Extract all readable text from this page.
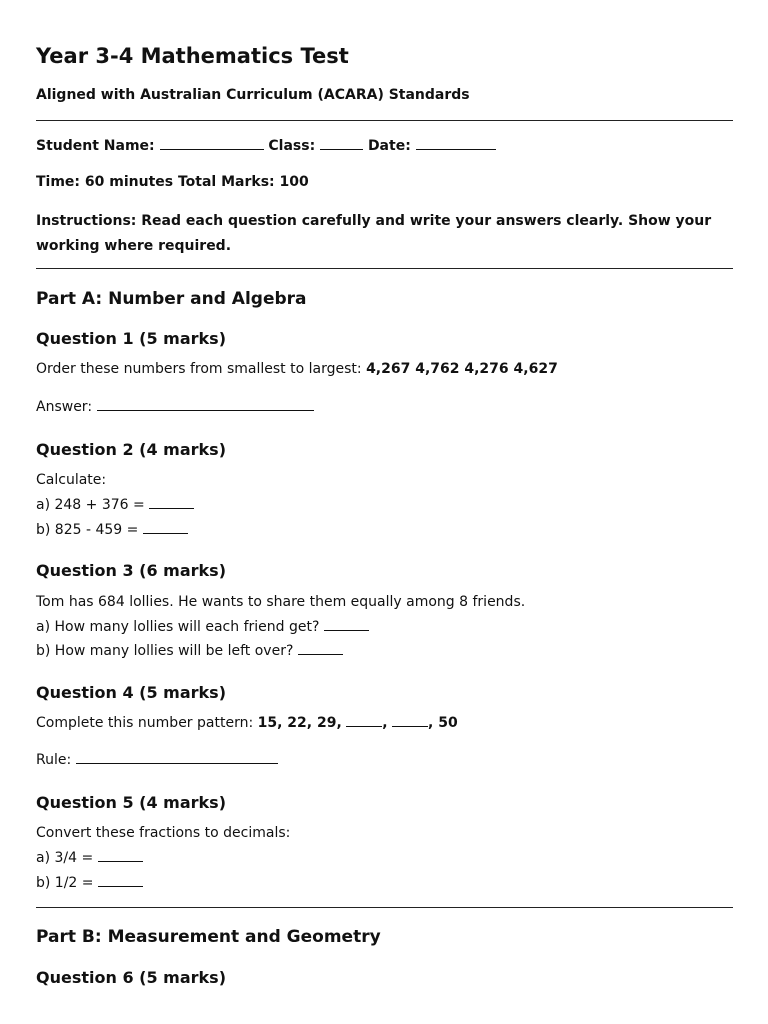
Year 3-4 Mathematics Test
Aligned with Australian Curriculum (ACARA) Standards
Student Name:	Class:	Date:
Time: 60 minutes Total Marks: 100
Instructions: Read each question carefully and write your answers clearly. Show your working where required.
Part A: Number and Algebra
Question 1 (5 marks)
Order these numbers from smallest to largest: 4,267 4,762 4,276 4,627
Answer:
Question 2 (4 marks)
Calculate:
a) 248 + 376 =
b) 825 - 459 =
Question 3 (6 marks)
Tom has 684 lollies. He wants to share them equally among 8 friends.
a) How many lollies will each friend get?
b) How many lollies will be left over?
Question 4 (5 marks)
Complete this number pattern: 15, 22, 29,	,	, 50
Rule:
Question 5 (4 marks)
Convert these fractions to decimals:
a) 3/4 =
b) 1/2 =
Part B: Measurement and Geometry
Question 6 (5 marks)
